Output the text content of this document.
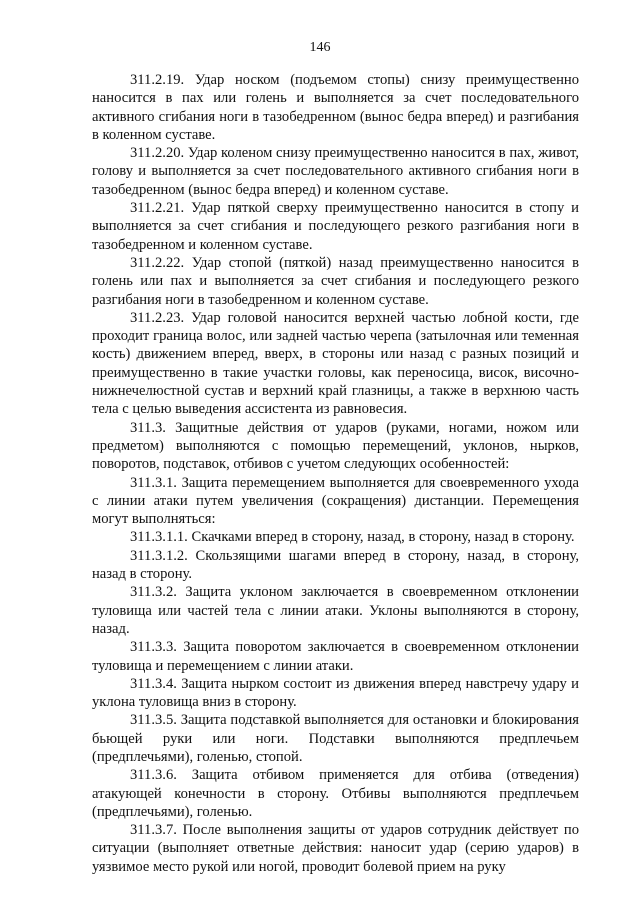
146

311.2.19. Удар носком (подъемом стопы) снизу преимущественно наносится в пах или голень и выполняется за счет последовательного активного сгибания ноги в тазобедренном (вынос бедра вперед) и разгибания в коленном суставе.

311.2.20. Удар коленом снизу преимущественно наносится в пах, живот, голову и выполняется за счет последовательного активного сгибания ноги в тазобедренном (вынос бедра вперед) и коленном суставе.

311.2.21. Удар пяткой сверху преимущественно наносится в стопу и выполняется за счет сгибания и последующего резкого разгибания ноги в тазобедренном и коленном суставе.

311.2.22. Удар стопой (пяткой) назад преимущественно наносится в голень или пах и выполняется за счет сгибания и последующего резкого разгибания ноги в тазобедренном и коленном суставе.

311.2.23. Удар головой наносится верхней частью лобной кости, где проходит граница волос, или задней частью черепа (затылочная или теменная кость) движением вперед, вверх, в стороны или назад с разных позиций и преимущественно в такие участки головы, как переносица, висок, височно-нижнечелюстной сустав и верхний край глазницы, а также в верхнюю часть тела с целью выведения ассистента из равновесия.

311.3. Защитные действия от ударов (руками, ногами, ножом или предметом) выполняются с помощью перемещений, уклонов, нырков, поворотов, подставок, отбивов с учетом следующих особенностей:

311.3.1. Защита перемещением выполняется для своевременного ухода с линии атаки путем увеличения (сокращения) дистанции. Перемещения могут выполняться:

311.3.1.1. Скачками вперед в сторону, назад, в сторону, назад в сторону.

311.3.1.2. Скользящими шагами вперед в сторону, назад, в сторону, назад в сторону.

311.3.2. Защита уклоном заключается в своевременном отклонении туловища или частей тела с линии атаки. Уклоны выполняются в сторону, назад.

311.3.3. Защита поворотом заключается в своевременном отклонении туловища и перемещением с линии атаки.

311.3.4. Защита нырком состоит из движения вперед навстречу удару и уклона туловища вниз в сторону.

311.3.5. Защита подставкой выполняется для остановки и блокирования бьющей руки или ноги. Подставки выполняются предплечьем (предплечьями), голенью, стопой.

311.3.6. Защита отбивом применяется для отбива (отведения) атакующей конечности в сторону. Отбивы выполняются предплечьем (предплечьями), голенью.

311.3.7. После выполнения защиты от ударов сотрудник действует по ситуации (выполняет ответные действия: наносит удар (серию ударов) в уязвимое место рукой или ногой, проводит болевой прием на руку
